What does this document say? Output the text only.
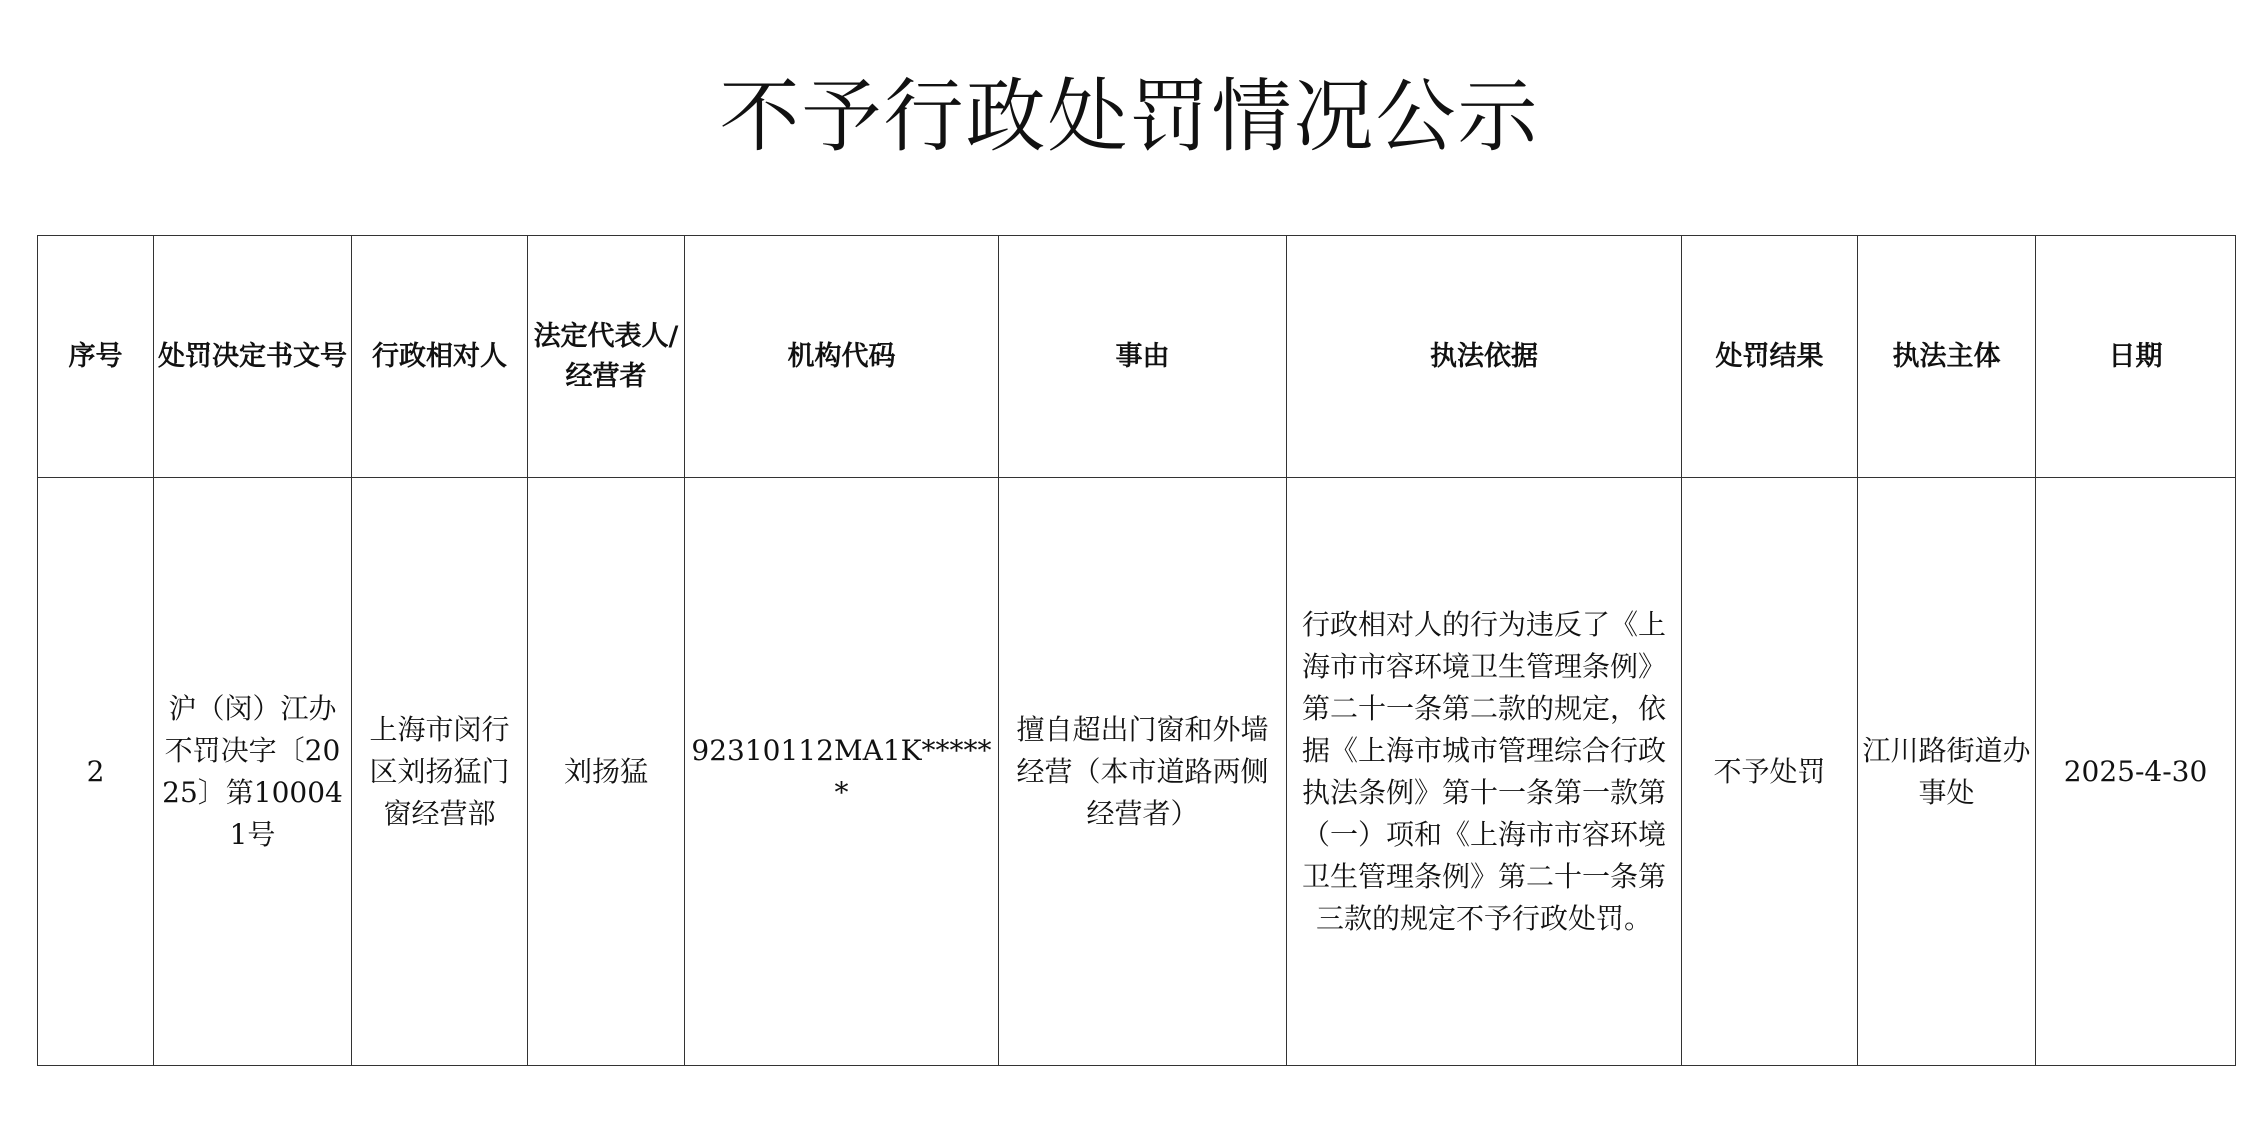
不予行政处罚情况公示
序号	处罚决定书文号	行政相对人	法定代表人/经营者	机构代码	事由	执法依据	处罚结果	执法主体	日期
2	沪（闵）江办不罚决字〔2025〕第100041号	上海市闵行区刘扬猛门窗经营部	刘扬猛	92310112MA1K******	擅自超出门窗和外墙经营（本市道路两侧经营者）	行政相对人的行为违反了《上海市市容环境卫生管理条例》第二十一条第二款的规定，依据《上海市城市管理综合行政执法条例》第十一条第一款第（一）项和《上海市市容环境卫生管理条例》第二十一条第三款的规定不予行政处罚。	不予处罚	江川路街道办事处	2025-4-30
